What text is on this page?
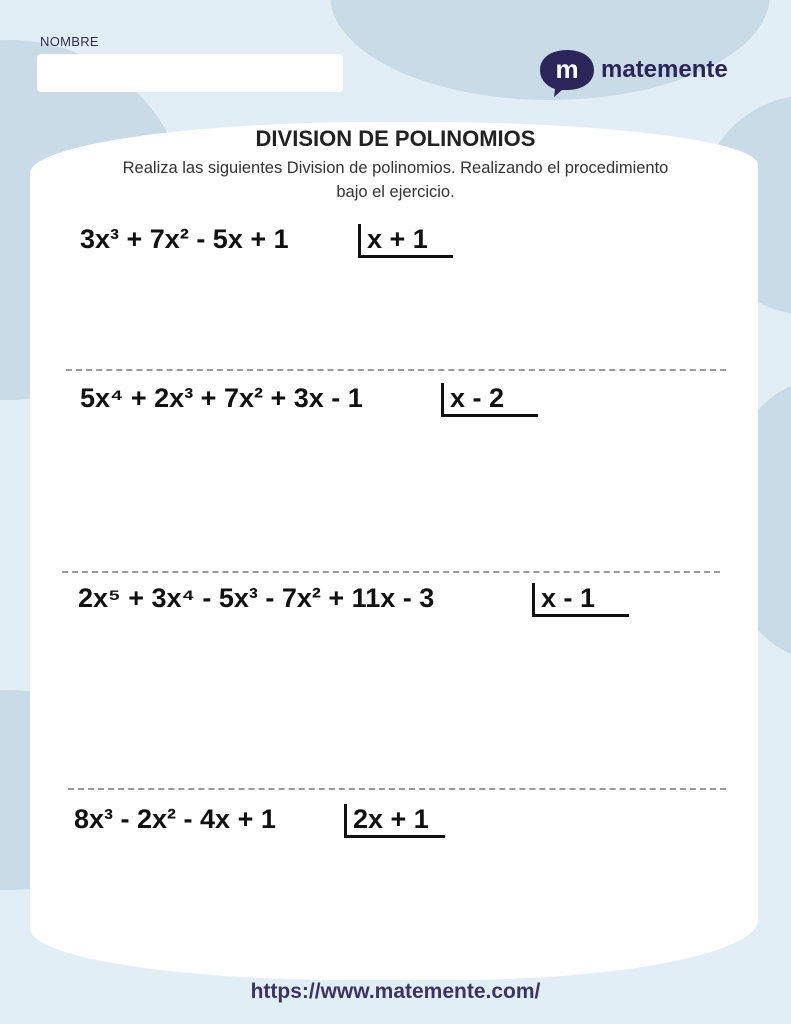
NOMBRE
m matemente
DIVISION DE POLINOMIOS
Realiza las siguientes Division de polinomios. Realizando el procedimiento bajo el ejercicio.
3x³ + 7x² - 5x + 1	x + 1
5x⁴ + 2x³ + 7x² + 3x - 1	x - 2
2x⁵ + 3x⁴ - 5x³ - 7x² + 11x - 3	x - 1
8x³ - 2x² - 4x + 1	2x + 1
https://www.matemente.com/
